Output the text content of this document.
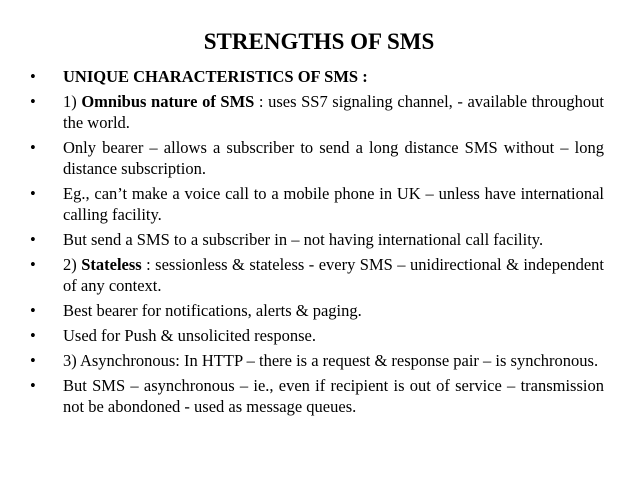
STRENGTHS OF SMS
• UNIQUE CHARACTERISTICS OF SMS :
• 1) Omnibus nature of SMS : uses SS7 signaling channel, - available throughout the world.
• Only bearer – allows a subscriber to send a long distance SMS without – long distance subscription.
• Eg., can’t make a voice call to a mobile phone in UK – unless have international calling facility.
• But send a SMS to a subscriber in – not having international call facility.
• 2) Stateless : sessionless & stateless - every SMS – unidirectional & independent of any context.
• Best bearer for notifications, alerts & paging.
• Used for Push & unsolicited response.
• 3) Asynchronous: In HTTP – there is a request & response pair – is synchronous.
• But SMS – asynchronous – ie., even if recipient is out of service – transmission not be abondoned - used as message queues.
